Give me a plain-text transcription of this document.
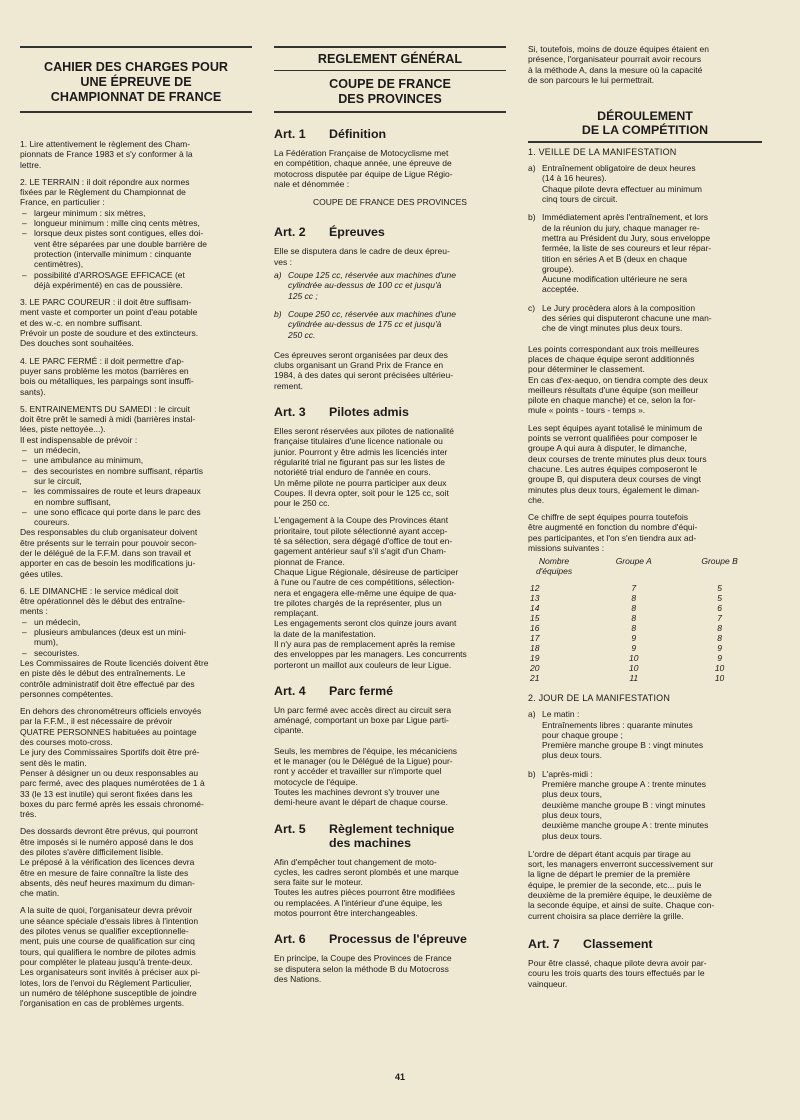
CAHIER DES CHARGES POUR
UNE ÉPREUVE DE
CHAMPIONNAT DE FRANCE
1. Lire attentivement le règlement des Cham-
pionnats de France 1983 et s'y conformer à la
lettre.
2. LE TERRAIN : il doit répondre aux normes
fixées par le Règlement du Championnat de
France, en particulier :
– largeur minimum : six mètres,
– longueur minimum : mille cinq cents mètres,
– lorsque deux pistes sont contigues, elles doi-
vent être séparées par une double barrière de
protection (intervalle minimum : cinquante
centimètres),
– possibilité d'ARROSAGE EFFICACE (et
déjà expérimenté) en cas de poussière.
3. LE PARC COUREUR : il doit être suffisam-
ment vaste et comporter un point d'eau potable
et des w.-c. en nombre suffisant.
Prévoir un poste de soudure et des extincteurs.
Des douches sont souhaitées.
4. LE PARC FERMÉ : il doit permettre d'ap-
puyer sans problème les motos (barrières en
bois ou métalliques, les parpaings sont insuffi-
sants).
5. ENTRAINEMENTS DU SAMEDI : le circuit
doit être prêt le samedi à midi (barrières instal-
lées, piste nettoyée...).
Il est indispensable de prévoir :
– un médecin,
– une ambulance au minimum,
– des secouristes en nombre suffisant, répartis
sur le circuit,
– les commissaires de route et leurs drapeaux
en nombre suffisant,
– une sono efficace qui porte dans le parc des
coureurs.
Des responsables du club organisateur doivent
être présents sur le terrain pour pouvoir secon-
der le délégué de la F.F.M. dans son travail et
apporter en cas de besoin les modifications ju-
gées utiles.
6. LE DIMANCHE : le service médical doit
être opérationnel dès le début des entraîne-
ments :
– un médecin,
– plusieurs ambulances (deux est un mini-
mum),
– secouristes.
Les Commissaires de Route licenciés doivent être
en piste dès le début des entraînements. Le
contrôle administratif doit être effectué par des
personnes compétentes.
En dehors des chronométreurs officiels envoyés
par la F.F.M., il est nécessaire de prévoir
QUATRE PERSONNES habituées au pointage
des courses moto-cross.
Le jury des Commissaires Sportifs doit être pré-
sent dès le matin.
Penser à désigner un ou deux responsables au
parc fermé, avec des plaques numérotées de 1 à
33 (le 13 est inutile) qui seront fixées dans les
boxes du parc fermé après les essais chronomé-
trés.
Des dossards devront être prévus, qui pourront
être imposés si le numéro apposé dans le dos
des pilotes s'avère difficilement lisible.
Le préposé à la vérification des licences devra
être en mesure de faire connaître la liste des
absents, dès neuf heures maximum du diman-
che matin.
A la suite de quoi, l'organisateur devra prévoir
une séance spéciale d'essais libres à l'intention
des pilotes venus se qualifier exceptionnelle-
ment, puis une course de qualification sur cinq
tours, qui qualifiera le nombre de pilotes admis
pour compléter le plateau jusqu'à trente-deux.
Les organisateurs sont invités à préciser aux pi-
lotes, lors de l'envoi du Règlement Particulier,
un numéro de téléphone susceptible de joindre
l'organisation en cas de problèmes urgents.
REGLEMENT GÉNÉRAL
COUPE DE FRANCE
DES PROVINCES
Art. 1	Définition
La Fédération Française de Motocyclisme met
en compétition, chaque année, une épreuve de
motocross disputée par équipe de Ligue Régio-
nale et dénommée :
COUPE DE FRANCE DES PROVINCES
Art. 2	Épreuves
Elle se disputera dans le cadre de deux épreu-
ves :
a) Coupe 125 cc, réservée aux machines d'une
cylindrée au-dessus de 100 cc et jusqu'à
125 cc ;
b) Coupe 250 cc, réservée aux machines d'une
cylindrée au-dessus de 175 cc et jusqu'à
250 cc.
Ces épreuves seront organisées par deux des
clubs organisant un Grand Prix de France en
1984, à des dates qui seront précisées ultérieu-
rement.
Art. 3	Pilotes admis
Elles seront réservées aux pilotes de nationalité
française titulaires d'une licence nationale ou
junior. Pourront y être admis les licenciés inter
régularité trial ne figurant pas sur les listes de
notoriété trial enduro de l'année en cours.
Un même pilote ne pourra participer aux deux
Coupes. Il devra opter, soit pour le 125 cc, soit
pour le 250 cc.
L'engagement à la Coupe des Provinces étant
prioritaire, tout pilote sélectionné ayant accep-
té sa sélection, sera dégagé d'office de tout en-
gagement antérieur sauf s'il s'agit d'un Cham-
pionnat de France.
Chaque Ligue Régionale, désireuse de participer
à l'une ou l'autre de ces compétitions, sélection-
nera et engagera elle-même une équipe de qua-
tre pilotes chargés de la représenter, plus un
remplaçant.
Les engagements seront clos quinze jours avant
la date de la manifestation.
Il n'y aura pas de remplacement après la remise
des enveloppes par les managers. Les concurrents
porteront un maillot aux couleurs de leur Ligue.
Art. 4	Parc fermé
Un parc fermé avec accès direct au circuit sera
aménagé, comportant un boxe par Ligue parti-
cipante.
Seuls, les membres de l'équipe, les mécaniciens
et le manager (ou le Délégué de la Ligue) pour-
ront y accéder et travailler sur n'importe quel
motocycle de l'équipe.
Toutes les machines devront s'y trouver une
demi-heure avant le départ de chaque course.
Art. 5	Règlement technique
des machines
Afin d'empêcher tout changement de moto-
cycles, les cadres seront plombés et une marque
sera faite sur le moteur.
Toutes les autres pièces pourront être modifiées
ou remplacées. A l'intérieur d'une équipe, les
motos pourront être interchangeables.
Art. 6	Processus de l'épreuve
En principe, la Coupe des Provinces de France
se disputera selon la méthode B du Motocross
des Nations.
Si, toutefois, moins de douze équipes étaient en
présence, l'organisateur pourrait avoir recours
à la méthode A, dans la mesure où la capacité
de son parcours le lui permettrait.
DÉROULEMENT
DE LA COMPÉTITION
1. VEILLE DE LA MANIFESTATION
a) Entraînement obligatoire de deux heures
(14 à 16 heures).
Chaque pilote devra effectuer au minimum
cinq tours de circuit.
b) Immédiatement après l'entraînement, et lors
de la réunion du jury, chaque manager re-
mettra au Président du Jury, sous enveloppe
fermée, la liste de ses coureurs et leur répar-
tition en séries A et B (deux en chaque
groupe).
Aucune modification ultérieure ne sera
acceptée.
c) Le Jury procèdera alors à la composition
des séries qui disputeront chacune une man-
che de vingt minutes plus deux tours.
Les points correspondant aux trois meilleures
places de chaque équipe seront additionnés
pour déterminer le classement.
En cas d'ex-aequo, on tiendra compte des deux
meilleurs résultats d'une équipe (son meilleur
pilote en chaque manche) et ce, selon la for-
mule « points - tours - temps ».
Les sept équipes ayant totalisé le minimum de
points se verront qualifiées pour composer le
groupe A qui aura à disputer, le dimanche,
deux courses de trente minutes plus deux tours
chacune. Les autres équipes composeront le
groupe B, qui disputera deux courses de vingt
minutes plus deux tours, également le diman-
che.
Ce chiffre de sept équipes pourra toutefois
être augmenté en fonction du nombre d'équi-
pes participantes, et l'on s'en tiendra aux ad-
missions suivantes :
Nombre
d'équipes	Groupe A	Groupe B

12	7	5
13	8	5
14	8	6
15	8	7
16	8	8
17	9	8
18	9	9
19	10	9
20	10	10
21	11	10
2. JOUR DE LA MANIFESTATION
a) Le matin :
Entraînements libres : quarante minutes
pour chaque groupe ;
Première manche groupe B : vingt minutes
plus deux tours.
b) L'après-midi :
Première manche groupe A : trente minutes
plus deux tours,
deuxième manche groupe B : vingt minutes
plus deux tours,
deuxième manche groupe A : trente minutes
plus deux tours.
L'ordre de départ étant acquis par tirage au
sort, les managers enverront successivement sur
la ligne de départ le premier de la première
équipe, le premier de la seconde, etc... puis le
deuxième de la première équipe, le deuxième de
la seconde équipe, et ainsi de suite. Chaque con-
current choisira sa place derrière la grille.
Art. 7	Classement
Pour être classé, chaque pilote devra avoir par-
couru les trois quarts des tours effectués par le
vainqueur.
41
